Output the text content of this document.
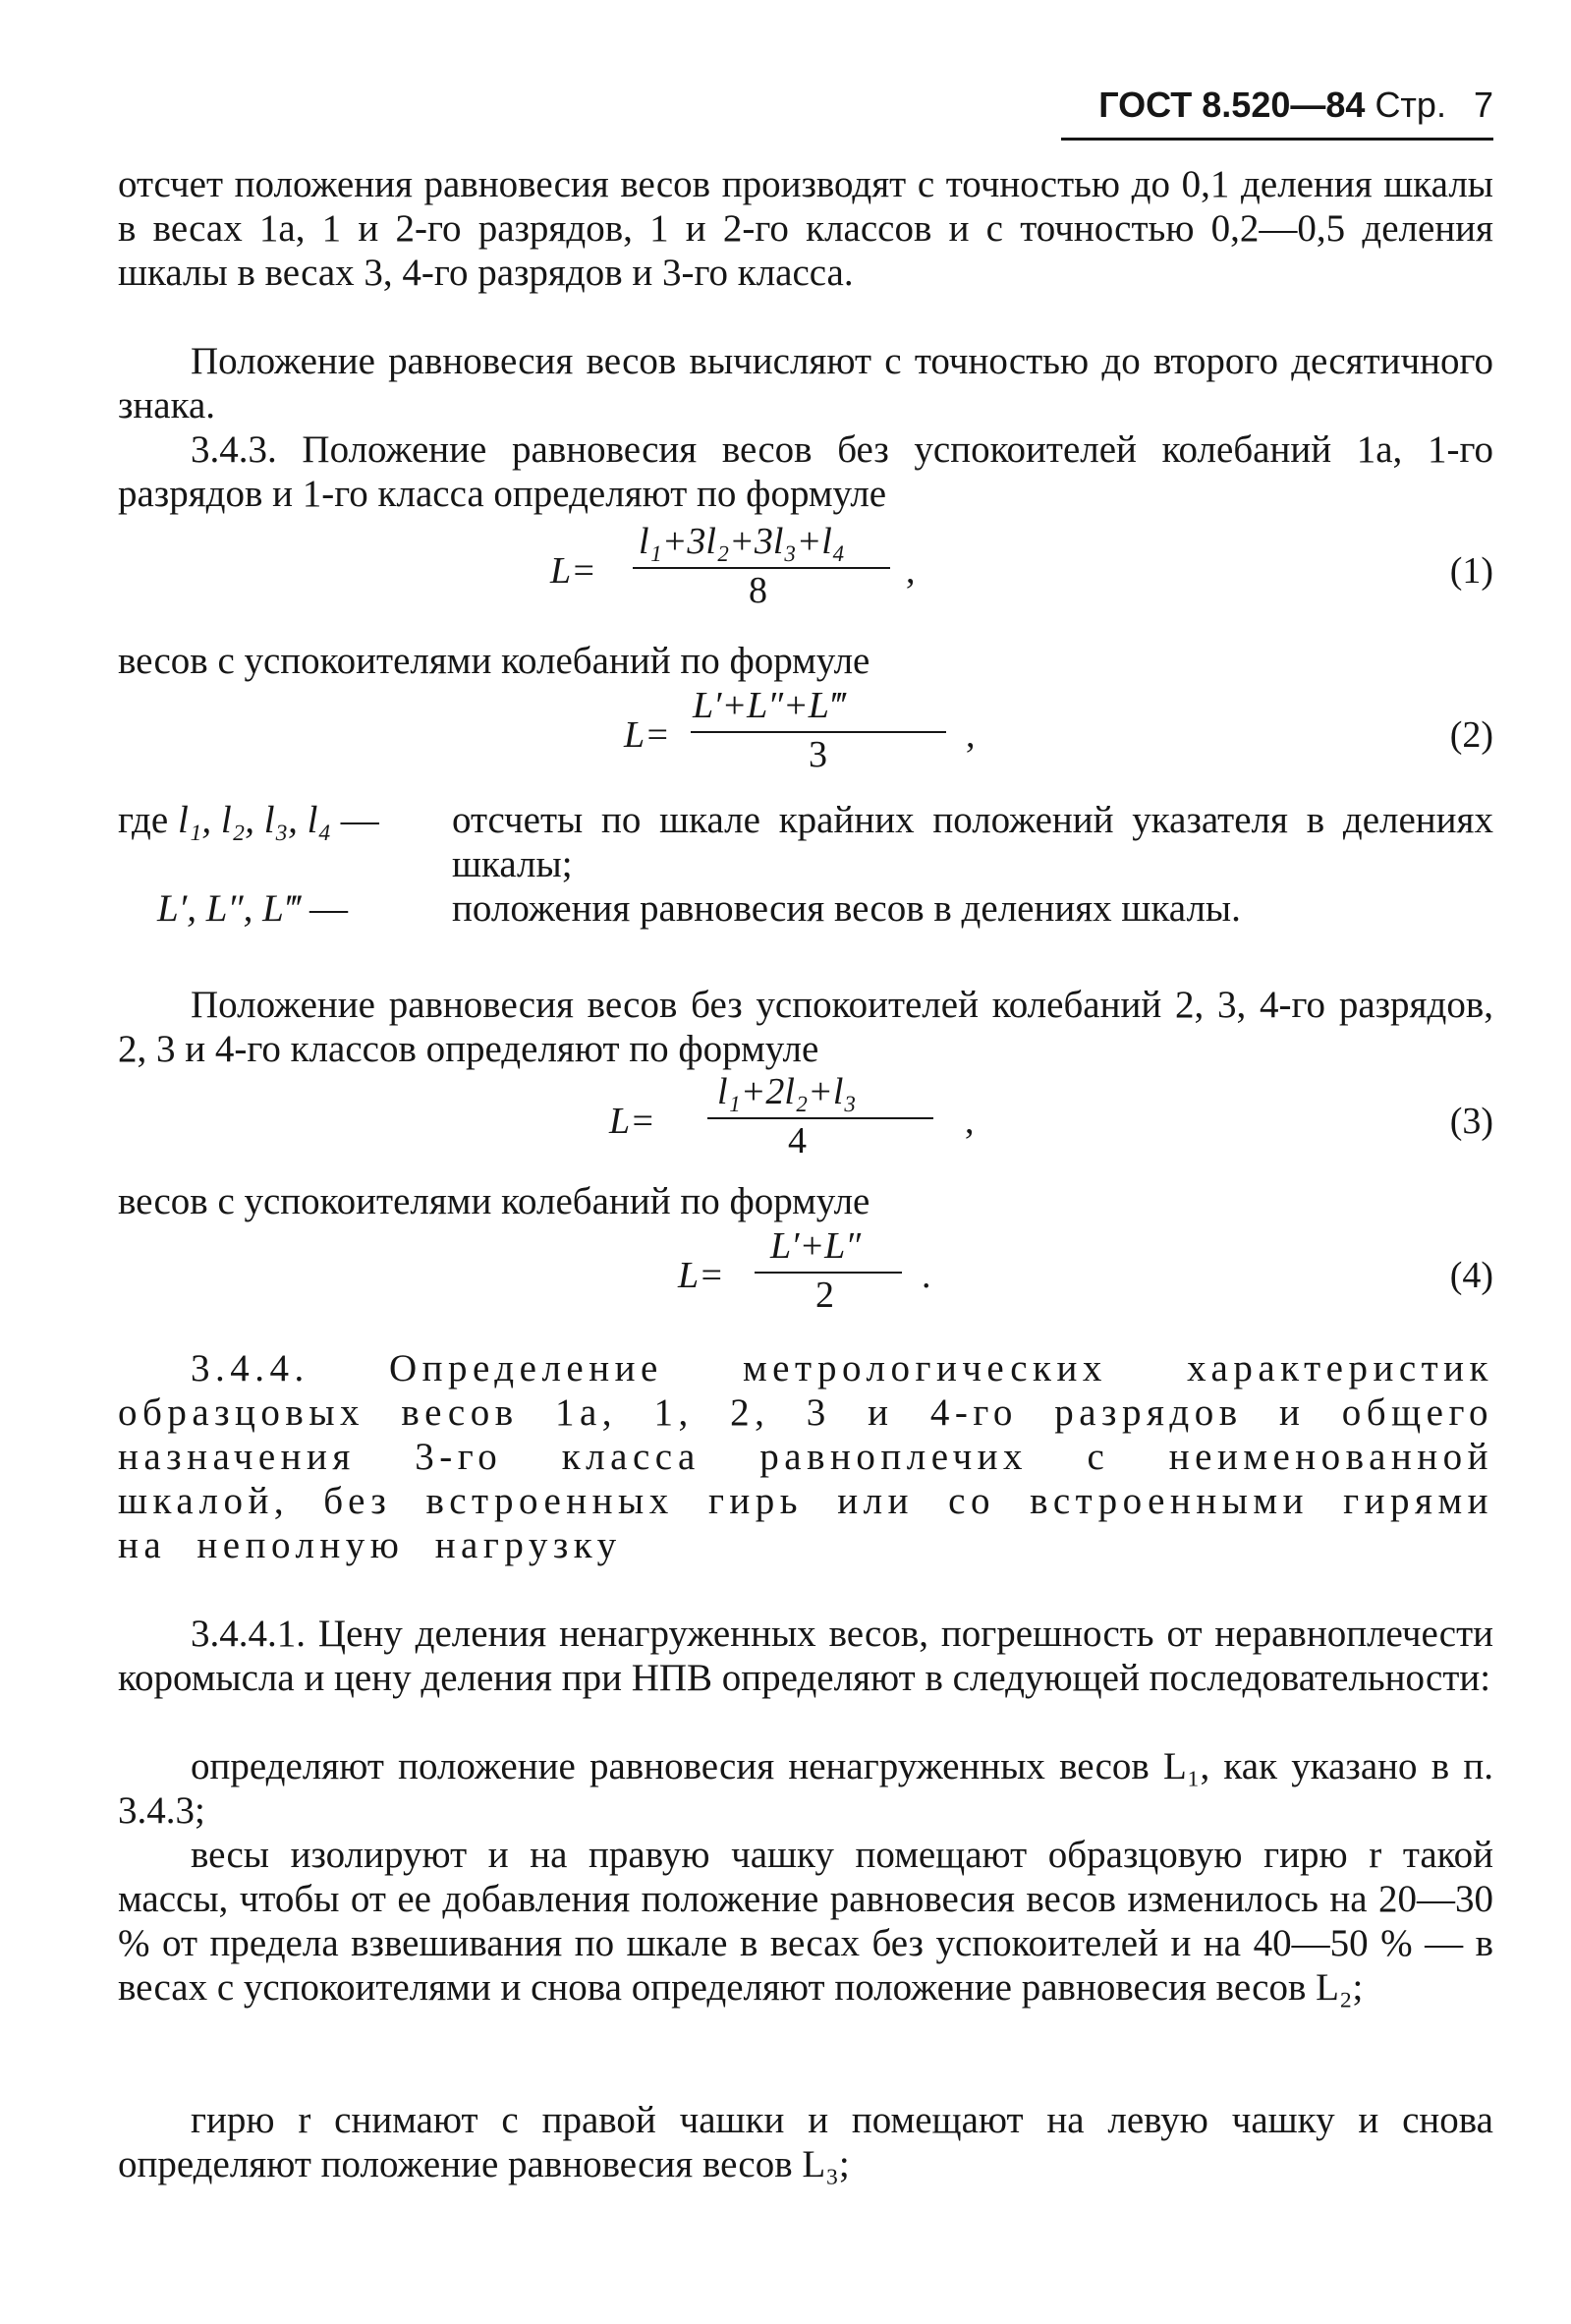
ГОСТ 8.520—84 Стр. 7

отсчет положения равновесия весов производят с точностью до 0,1 деления шкалы в весах 1а, 1 и 2-го разрядов, 1 и 2-го классов и с точностью 0,2—0,5 деления шкалы в весах 3, 4-го разрядов и 3-го класса.

Положение равновесия весов вычисляют с точностью до второго десятичного знака.

3.4.3. Положение равновесия весов без успокоителей колебаний 1а, 1-го разрядов и 1-го класса определяют по формуле

L=
l₁+3l₂+3l₃+l₄
8	,	(1)

весов с успокоителями колебаний по формуле

L=
L′+L″+L‴
3	,	(2)
где l₁, l₂, l₃, l₄ — отсчеты по шкале крайних положений указателя в делениях шкалы;

L′, L″, L‴ —	положения равновесия весов в делениях шкалы.

Положение равновесия весов без успокоителей колебаний 2, 3, 4-го разрядов, 2, 3 и 4-го классов определяют по формуле

L=
l₁+2l₂+l₃
4	,	(3)

весов с успокоителями колебаний по формуле

L=
L′+L″
2 .	(4)

3.4.4. Определение метрологических характеристик образцовых весов 1а, 1, 2, 3 и 4-го разрядов и общего назначения 3-го класса равноплечих с неименованной шкалой, без встроенных гирь или со встроенными гирями на неполную нагрузку

3.4.4.1. Цену деления ненагруженных весов, погрешность от неравноплечести коромысла и цену деления при НПВ определяют в следующей последовательности:

определяют положение равновесия ненагруженных весов L₁, как указано в п. 3.4.3;

весы изолируют и на правую чашку помещают образцовую гирю r такой массы, чтобы от ее добавления положение равновесия весов изменилось на 20—30 % от предела взвешивания по шкале в весах без успокоителей и на 40—50 % — в весах с успокоителями и снова определяют положение равновесия весов L₂;

гирю r снимают с правой чашки и помещают на левую чашку и снова определяют положение равновесия весов L₃;
